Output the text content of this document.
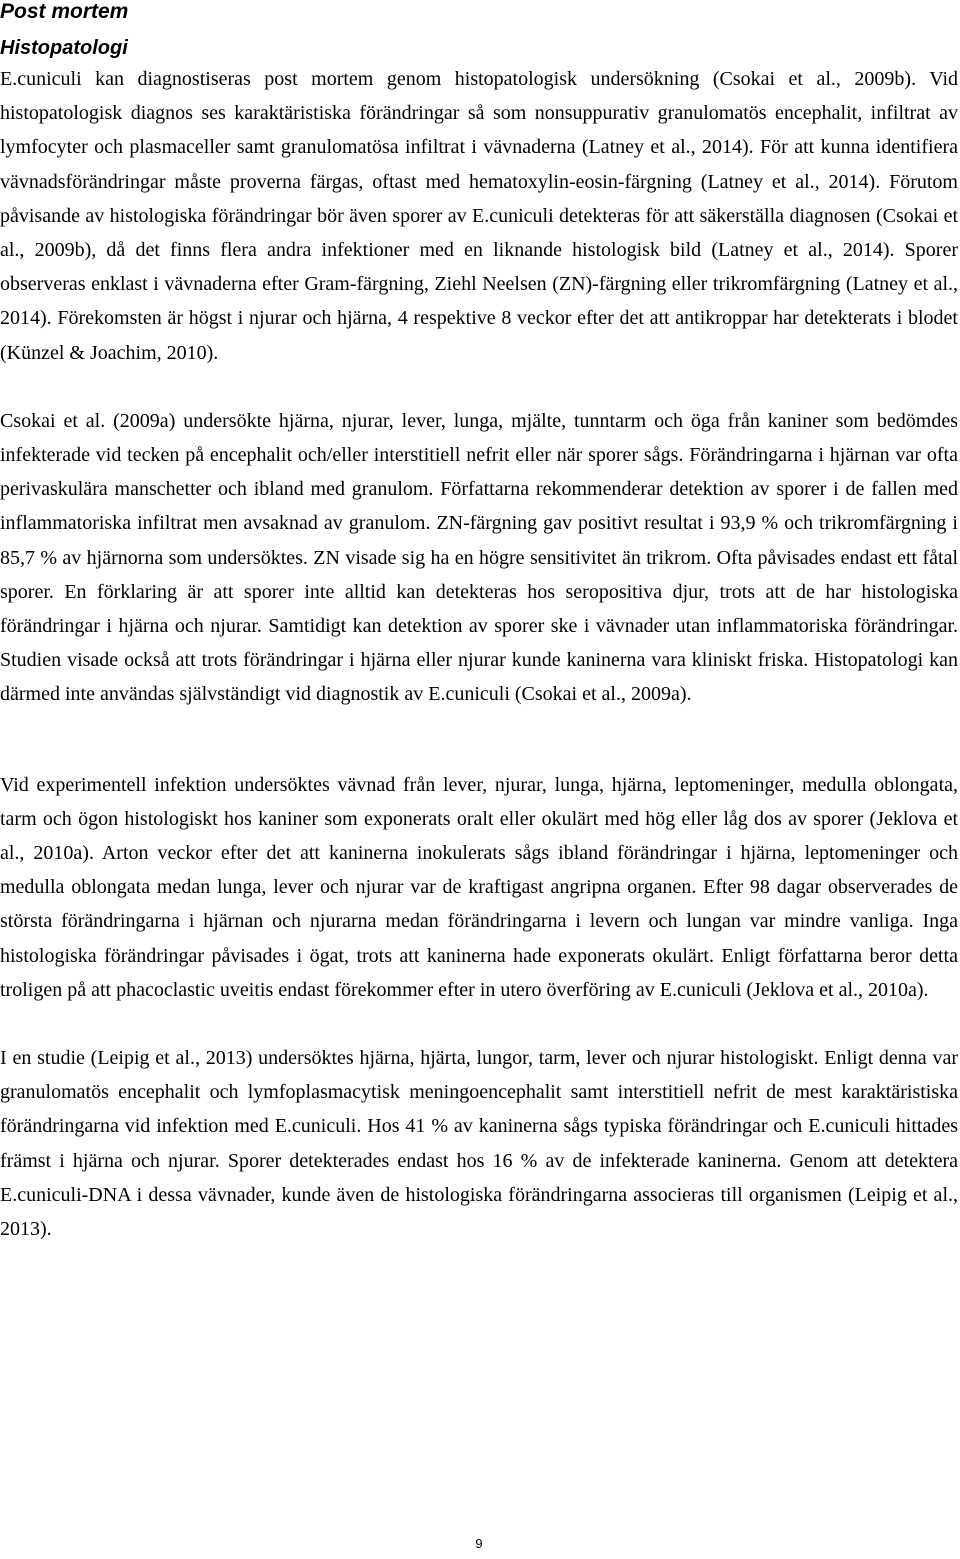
Post mortem
Histopatologi

E.cuniculi kan diagnostiseras post mortem genom histopatologisk undersökning (Csokai et al., 2009b). Vid histopatologisk diagnos ses karaktäristiska förändringar så som nonsuppurativ granulomatös encephalit, infiltrat av lymfocyter och plasmaceller samt granulomatösa infiltrat i vävnaderna (Latney et al., 2014). För att kunna identifiera vävnadsförändringar måste proverna färgas, oftast med hematoxylin-eosin-färgning (Latney et al., 2014). Förutom påvisande av histologiska förändringar bör även sporer av E.cuniculi detekteras för att säkerställa diagnosen (Csokai et al., 2009b), då det finns flera andra infektioner med en liknande histologisk bild (Latney et al., 2014). Sporer observeras enklast i vävnaderna efter Gram-färgning, Ziehl Neelsen (ZN)-färgning eller trikromfärgning (Latney et al., 2014). Förekomsten är högst i njurar och hjärna, 4 respektive 8 veckor efter det att antikroppar har detekterats i blodet (Künzel & Joachim, 2010).

Csokai et al. (2009a) undersökte hjärna, njurar, lever, lunga, mjälte, tunntarm och öga från kaniner som bedömdes infekterade vid tecken på encephalit och/eller interstitiell nefrit eller när sporer sågs. Förändringarna i hjärnan var ofta perivaskulära manschetter och ibland med granulom. Författarna rekommenderar detektion av sporer i de fallen med inflammatoriska infiltrat men avsaknad av granulom. ZN-färgning gav positivt resultat i 93,9 % och trikromfärgning i 85,7 % av hjärnorna som undersöktes. ZN visade sig ha en högre sensitivitet än trikrom. Ofta påvisades endast ett fåtal sporer. En förklaring är att sporer inte alltid kan detekteras hos seropositiva djur, trots att de har histologiska förändringar i hjärna och njurar. Samtidigt kan detektion av sporer ske i vävnader utan inflammatoriska förändringar. Studien visade också att trots förändringar i hjärna eller njurar kunde kaninerna vara kliniskt friska. Histopatologi kan därmed inte användas självständigt vid diagnostik av E.cuniculi (Csokai et al., 2009a).

Vid experimentell infektion undersöktes vävnad från lever, njurar, lunga, hjärna, leptomeninger, medulla oblongata, tarm och ögon histologiskt hos kaniner som exponerats oralt eller okulärt med hög eller låg dos av sporer (Jeklova et al., 2010a). Arton veckor efter det att kaninerna inokulerats sågs ibland förändringar i hjärna, leptomeninger och medulla oblongata medan lunga, lever och njurar var de kraftigast angripna organen. Efter 98 dagar observerades de största förändringarna i hjärnan och njurarna medan förändringarna i levern och lungan var mindre vanliga. Inga histologiska förändringar påvisades i ögat, trots att kaninerna hade exponerats okulärt. Enligt författarna beror detta troligen på att phacoclastic uveitis endast förekommer efter in utero överföring av E.cuniculi (Jeklova et al., 2010a).

I en studie (Leipig et al., 2013) undersöktes hjärna, hjärta, lungor, tarm, lever och njurar histologiskt. Enligt denna var granulomatös encephalit och lymfoplasmacytisk meningoencephalit samt interstitiell nefrit de mest karaktäristiska förändringarna vid infektion med E.cuniculi. Hos 41 % av kaninerna sågs typiska förändringar och E.cuniculi hittades främst i hjärna och njurar. Sporer detekterades endast hos 16 % av de infekterade kaninerna. Genom att detektera E.cuniculi-DNA i dessa vävnader, kunde även de histologiska förändringarna associeras till organismen (Leipig et al., 2013).

9
